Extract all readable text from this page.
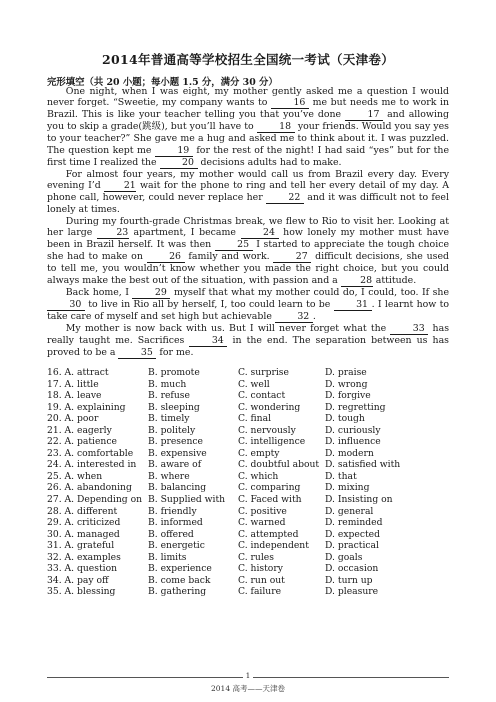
2014年普通高等学校招生全国统一考试（天津卷）
完形填空（共 20 小题；每小题 1.5 分，满分 30 分）

One night, when I was eight, my mother gently asked me a question I would never forget. “Sweetie, my company wants to 16 me but needs me to work in Brazil. This is like your teacher telling you that you’ve done 17 and allowing you to skip a grade(跳级), but you’ll have to 18 your friends. Would you say yes to your teacher?” She gave me a hug and asked me to think about it. I was puzzled. The question kept me 19 for the rest of the night! I had said “yes” but for the first time I realized the 20 decisions adults had to make.

For almost four years, my mother would call us from Brazil every day. Every evening I’d 21 wait for the phone to ring and tell her every detail of my day. A phone call, however, could never replace her 22 and it was difficult not to feel lonely at times.

During my fourth-grade Christmas break, we flew to Rio to visit her. Looking at her large 23 apartment, I became 24 how lonely my mother must have been in Brazil herself. It was then 25 I started to appreciate the tough choice she had to make on 26 family and work. 27 difficult decisions, she used to tell me, you wouldn’t know whether you made the right choice, but you could always make the best out of the situation, with passion and a 28 attitude.

Back home, I 29 myself that what my mother could do, I could, too. If she 30 to live in Rio all by herself, I, too could learn to be 31 . I learnt how to take care of myself and set high but achievable 32 .

My mother is now back with us. But I will never forget what the 33 has really taught me. Sacrifices 34 in the end. The separation between us has proved to be a 35 for me.

16. A. attract	B. promote	C. surprise	D. praise
17. A. little	B. much	C. well	D. wrong
18. A. leave	B. refuse	C. contact	D. forgive
19. A. explaining	B. sleeping	C. wondering	D. regretting
20. A. poor	B. timely	C. final	D. tough
21. A. eagerly	B. politely	C. nervously	D. curiously
22. A. patience	B. presence	C. intelligence	D. influence
23. A. comfortable	B. expensive	C. empty	D. modern
24. A. interested in	B. aware of	C. doubtful about D. satisfied with
25. A. when	B. where	C. which	D. that
26. A. abandoning	B. balancing	C. comparing	D. mixing
27. A. Depending on B. Supplied with	C. Faced with	D. Insisting on
28. A. different	B. friendly	C. positive	D. general
29. A. criticized	B. informed	C. warned	D. reminded
30. A. managed	B. offered	C. attempted	D. expected
31. A. grateful	B. energetic	C. independent	D. practical
32. A. examples	B. limits	C. rules	D. goals
33. A. question	B. experience	C. history	D. occasion
34. A. pay off	B. come back	C. run out	D. turn up
35. A. blessing	B. gathering	C. failure	D. pleasure
1
2014 高考——天津卷
